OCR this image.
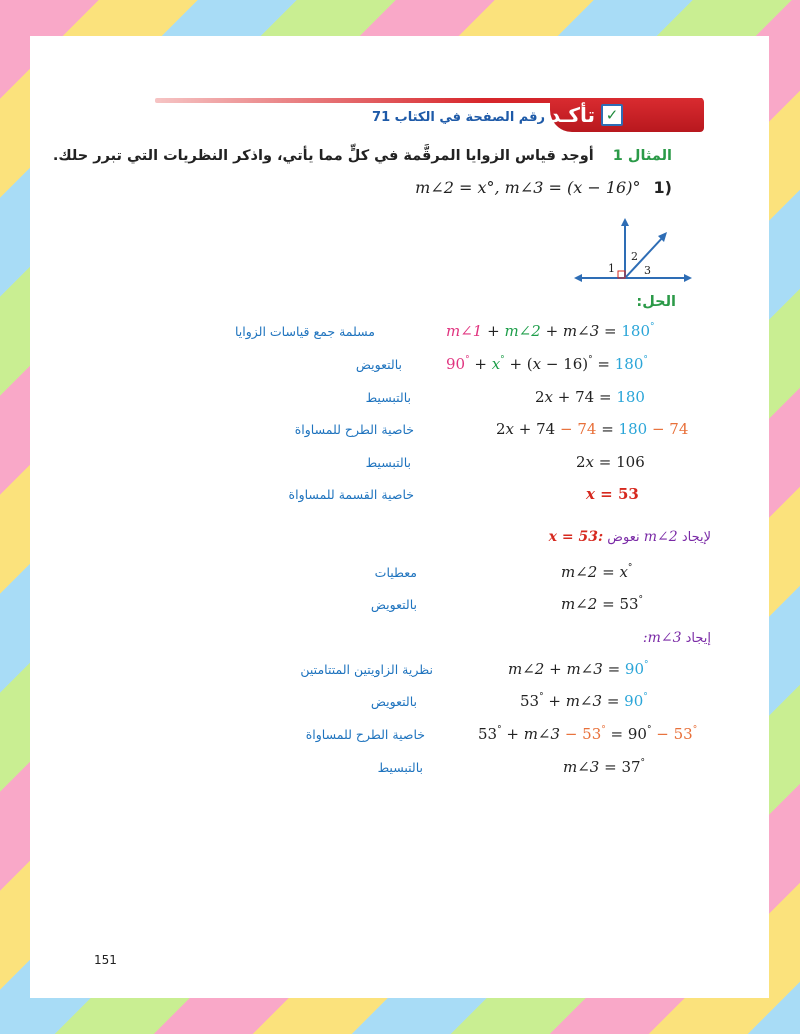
✓
تأكـد
رقم الصفحة في الكتاب 71
المثال 1 أوجد قياس الزوايا المرقَّمة في كلٍّ مما يأتي، واذكر النظريات التي تبرر حلك.
m∠2 = x°, m∠3 = (x − 16)° 1)
1
2
3
الحل:
مسلمة جمع قياسات الزوايا	m∠1 + m∠2 + m∠3 = 180°
بالتعويض	90° + x° + (x − 16)° = 180°
بالتبسيط	2x + 74 = 180
خاصية الطرح للمساواة	2x + 74 − 74 = 180 − 74
بالتبسيط	2x = 106
خاصية القسمة للمساواة	x = 53
لإيجاد m∠2 نعوض x = 53:
معطيات	m∠2 = x°
بالتعويض	m∠2 = 53°
إيجاد m∠3:
نظرية الزاويتين المتتامتين	m∠2 + m∠3 = 90°
بالتعويض	53° + m∠3 = 90°
خاصية الطرح للمساواة	53° + m∠3 − 53° = 90° − 53°
بالتبسيط	m∠3 = 37°
151
